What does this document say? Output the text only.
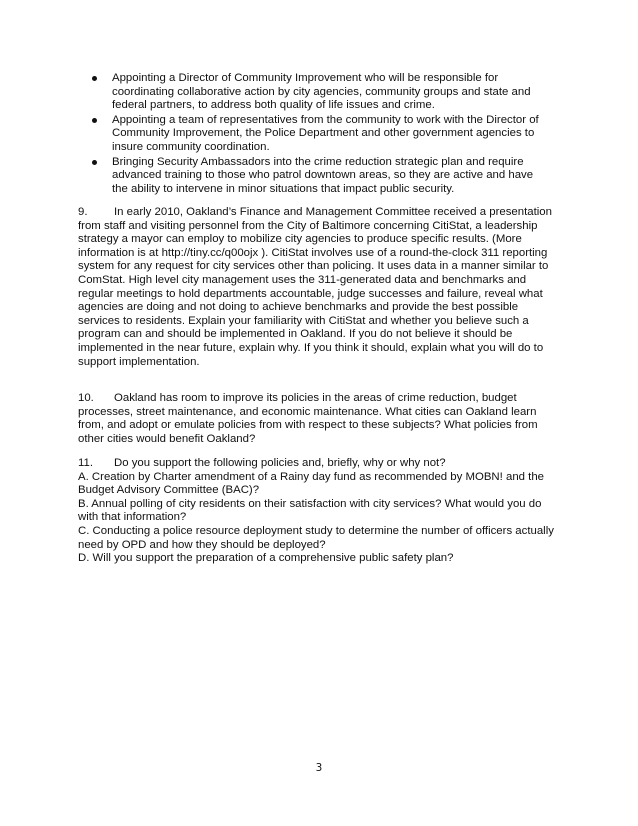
Appointing a Director of Community Improvement who will be responsible for coordinating collaborative action by city agencies, community groups and state and federal partners, to address both quality of life issues and crime.
Appointing a team of representatives from the community to work with the Director of Community Improvement, the Police Department and other government agencies to insure community coordination.
Bringing Security Ambassadors into the crime reduction strategic plan and require advanced training to those who patrol downtown areas, so they are active and have the ability to intervene in minor situations that impact public security.

9. In early 2010, Oakland’s Finance and Management Committee received a presentation from staff and visiting personnel from the City of Baltimore concerning CitiStat, a leadership strategy a mayor can employ to mobilize city agencies to produce specific results. (More information is at http://tiny.cc/q00ojx ). CitiStat involves use of a round-the-clock 311 reporting system for any request for city services other than policing. It uses data in a manner similar to ComStat. High level city management uses the 311-generated data and benchmarks and regular meetings to hold departments accountable, judge successes and failure, reveal what agencies are doing and not doing to achieve benchmarks and provide the best possible services to residents. Explain your familiarity with CitiStat and whether you believe such a program can and should be implemented in Oakland. If you do not believe it should be implemented in the near future, explain why. If you think it should, explain what you will do to support implementation.

10. Oakland has room to improve its policies in the areas of crime reduction, budget processes, street maintenance, and economic maintenance. What cities can Oakland learn from, and adopt or emulate policies from with respect to these subjects? What policies from other cities would benefit Oakland?

11. Do you support the following policies and, briefly, why or why not?
A. Creation by Charter amendment of a Rainy day fund as recommended by MOBN! and the Budget Advisory Committee (BAC)?
B. Annual polling of city residents on their satisfaction with city services? What would you do with that information?
C. Conducting a police resource deployment study to determine the number of officers actually need by OPD and how they should be deployed?
D. Will you support the preparation of a comprehensive public safety plan?
3
